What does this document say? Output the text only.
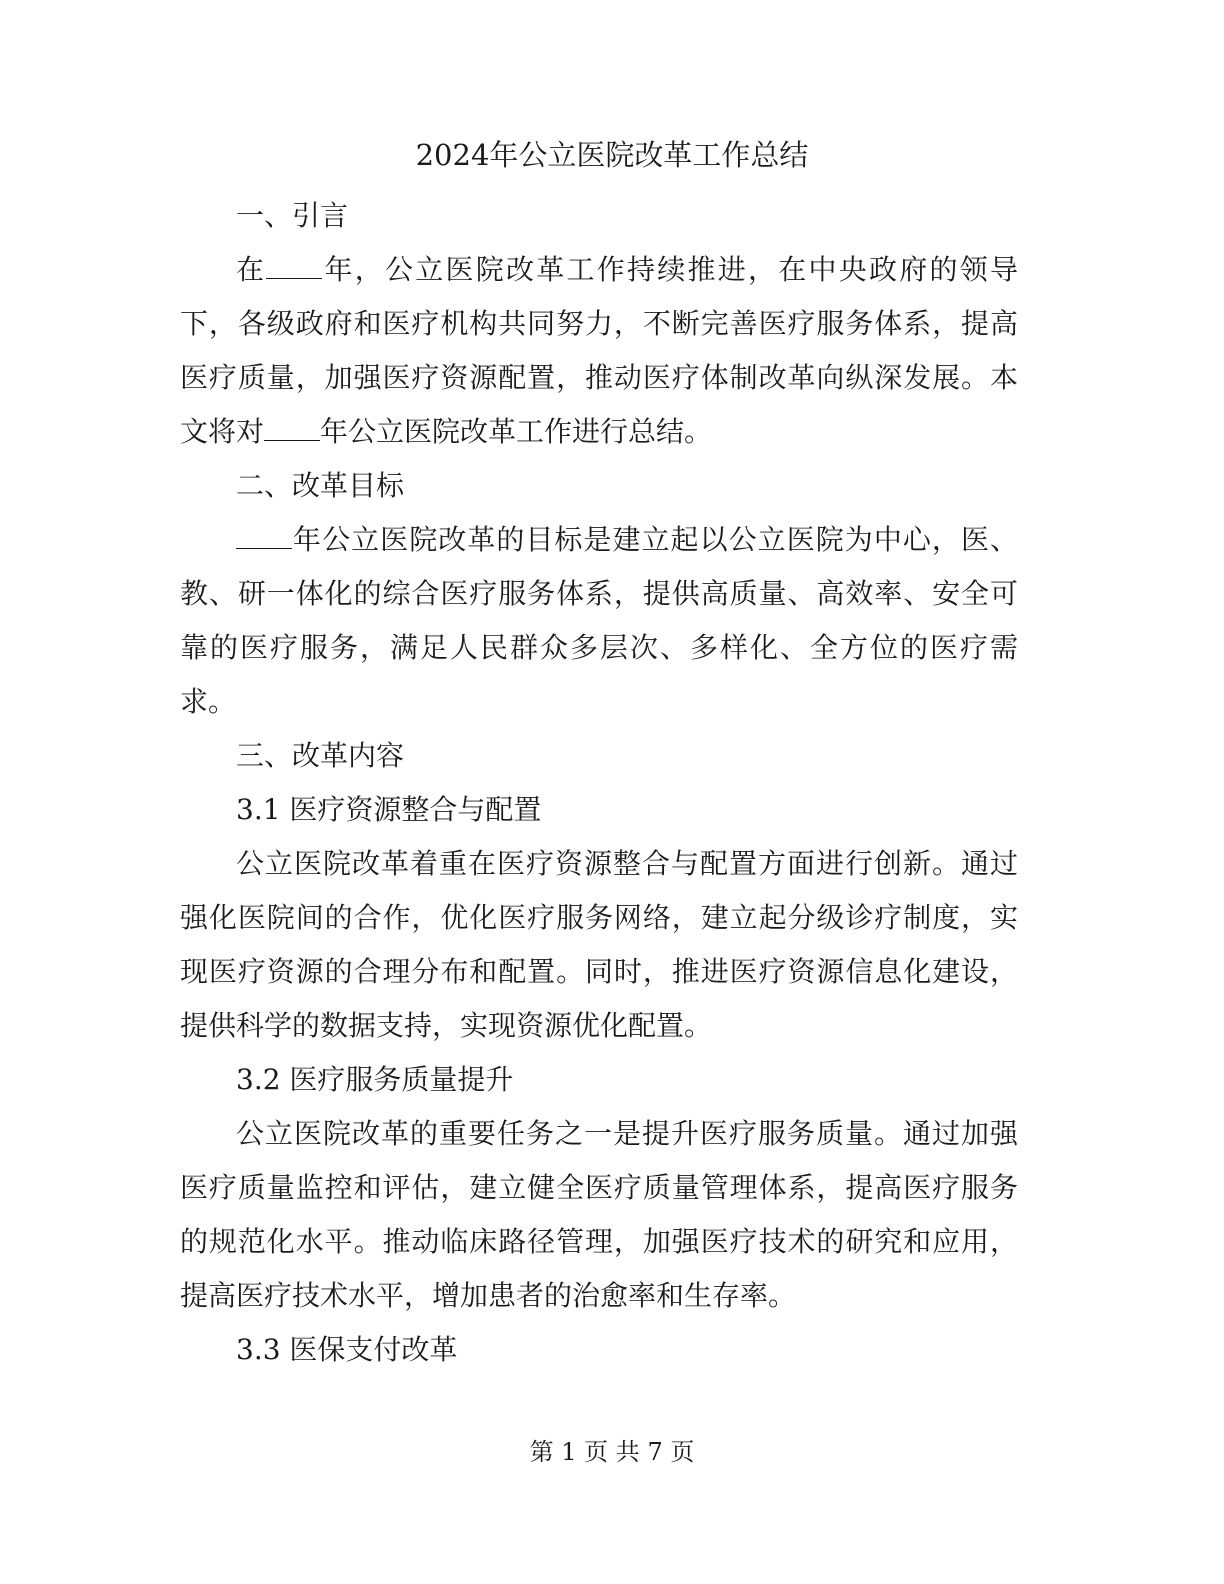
2024年公立医院改革工作总结

一、引言

在 年，公立医院改革工作持续推进，在中央政府的领导下，各级政府和医疗机构共同努力，不断完善医疗服务体系，提高医疗质量，加强医疗资源配置，推动医疗体制改革向纵深发展。本文将对 年公立医院改革工作进行总结。

二、改革目标

年公立医院改革的目标是建立起以公立医院为中心，医、教、研一体化的综合医疗服务体系，提供高质量、高效率、安全可靠的医疗服务，满足人民群众多层次、多样化、全方位的医疗需求。

三、改革内容

3.1 医疗资源整合与配置

公立医院改革着重在医疗资源整合与配置方面进行创新。通过强化医院间的合作，优化医疗服务网络，建立起分级诊疗制度，实现医疗资源的合理分布和配置。同时，推进医疗资源信息化建设，提供科学的数据支持，实现资源优化配置。

3.2 医疗服务质量提升

公立医院改革的重要任务之一是提升医疗服务质量。通过加强医疗质量监控和评估，建立健全医疗质量管理体系，提高医疗服务的规范化水平。推动临床路径管理，加强医疗技术的研究和应用，提高医疗技术水平，增加患者的治愈率和生存率。

3.3 医保支付改革

第 1 页 共 7 页
